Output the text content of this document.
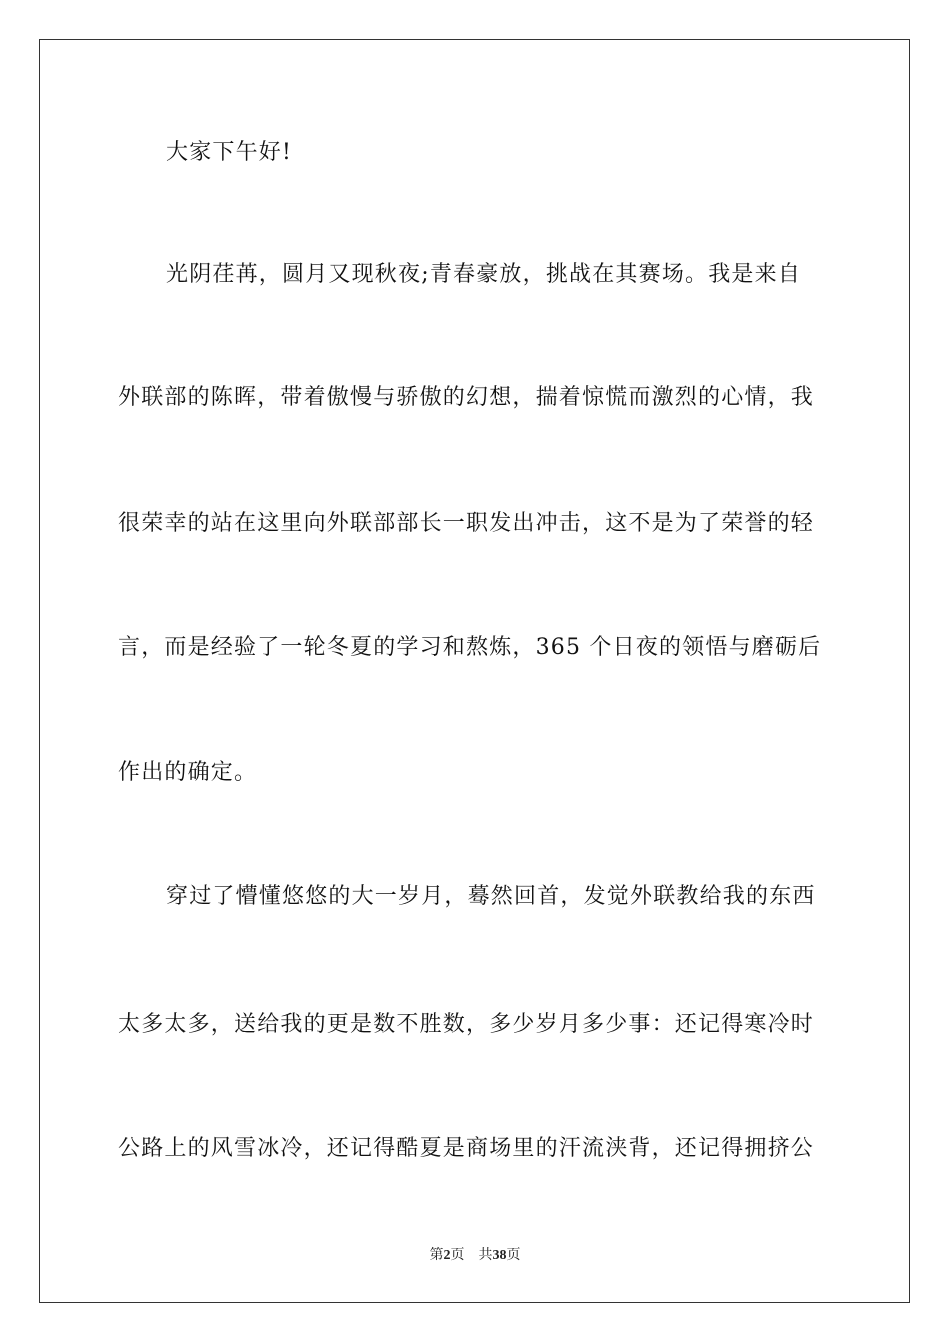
大家下午好!
光阴荏苒，圆月又现秋夜;青春豪放，挑战在其赛场。我是来自
外联部的陈晖，带着傲慢与骄傲的幻想，揣着惊慌而激烈的心情，我
很荣幸的站在这里向外联部部长一职发出冲击，这不是为了荣誉的轻
言，而是经验了一轮冬夏的学习和熬炼，365 个日夜的领悟与磨砺后
作出的确定。
穿过了懵懂悠悠的大一岁月，蓦然回首，发觉外联教给我的东西
太多太多，送给我的更是数不胜数，多少岁月多少事：还记得寒冷时
公路上的风雪冰冷，还记得酷夏是商场里的汗流浃背，还记得拥挤公
第2页 共38页
